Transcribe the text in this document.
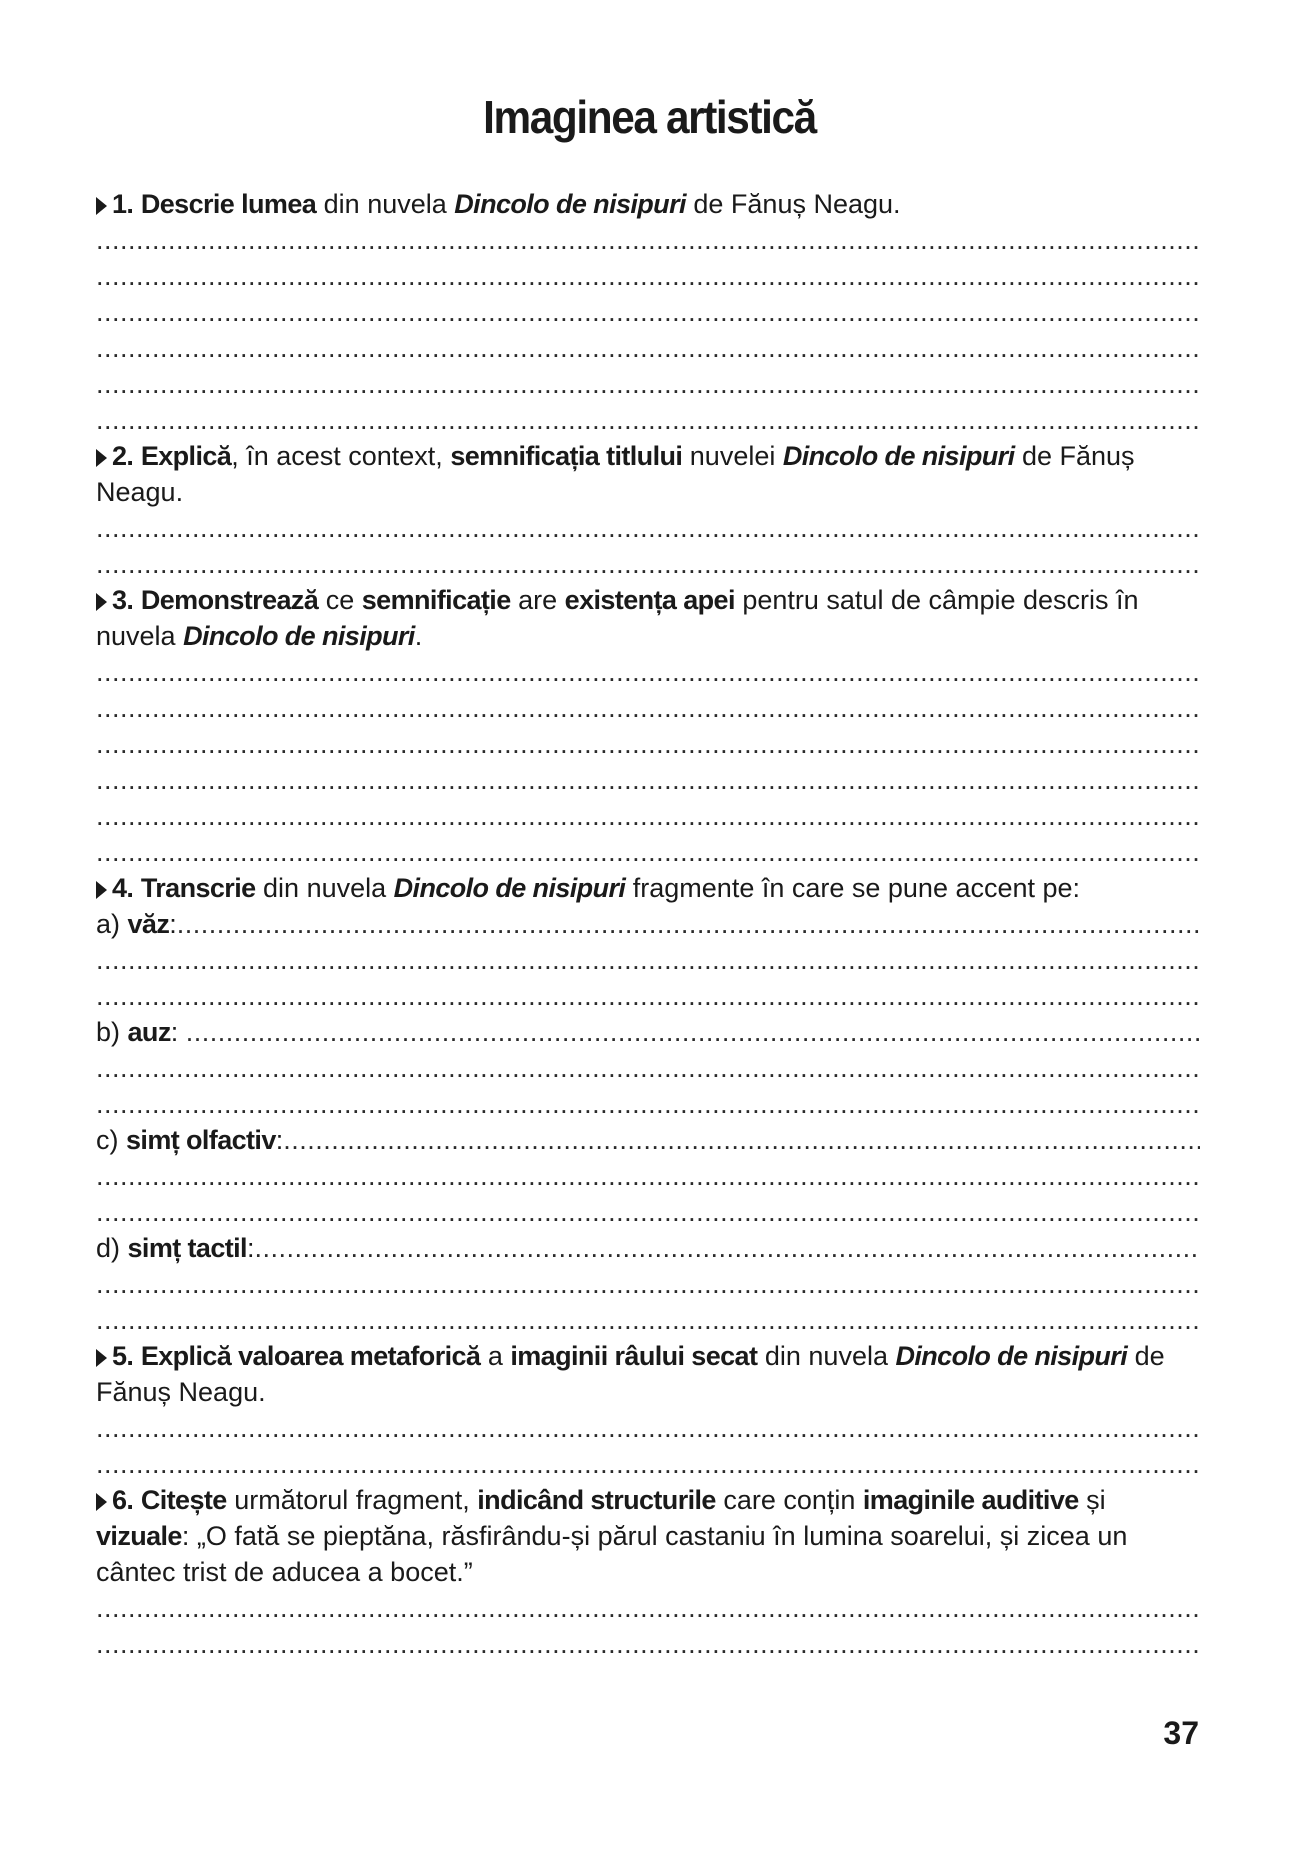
Imaginea artistică

1. Descrie lumea din nuvela Dincolo de nisipuri de Fănuș Neagu.

.....
.....
.....
.....
.....
.....

2. Explică, în acest context, semnificația titlului nuvelei Dincolo de nisipuri de Fănuș Neagu.

.....
.....

3. Demonstrează ce semnificație are existența apei pentru satul de câmpie descris în nuvela Dincolo de nisipuri.

.....
.....
.....
.....
.....
.....

4. Transcrie din nuvela Dincolo de nisipuri fragmente în care se pune accent pe:

a) văz: .....
.....
.....
b) auz: .....
.....
.....
c) simț olfactiv: .....
.....
.....
d) simț tactil: .....
.....
.....

5. Explică valoarea metaforică a imaginii râului secat din nuvela Dincolo de nisipuri de Fănuș Neagu.

.....
.....

6. Citește următorul fragment, indicând structurile care conțin imaginile auditive și vizuale: „O fată se pieptăna, răsfirându-și părul castaniu în lumina soarelui, și zicea un cântec trist de aducea a bocet.”

.....
.....
37
